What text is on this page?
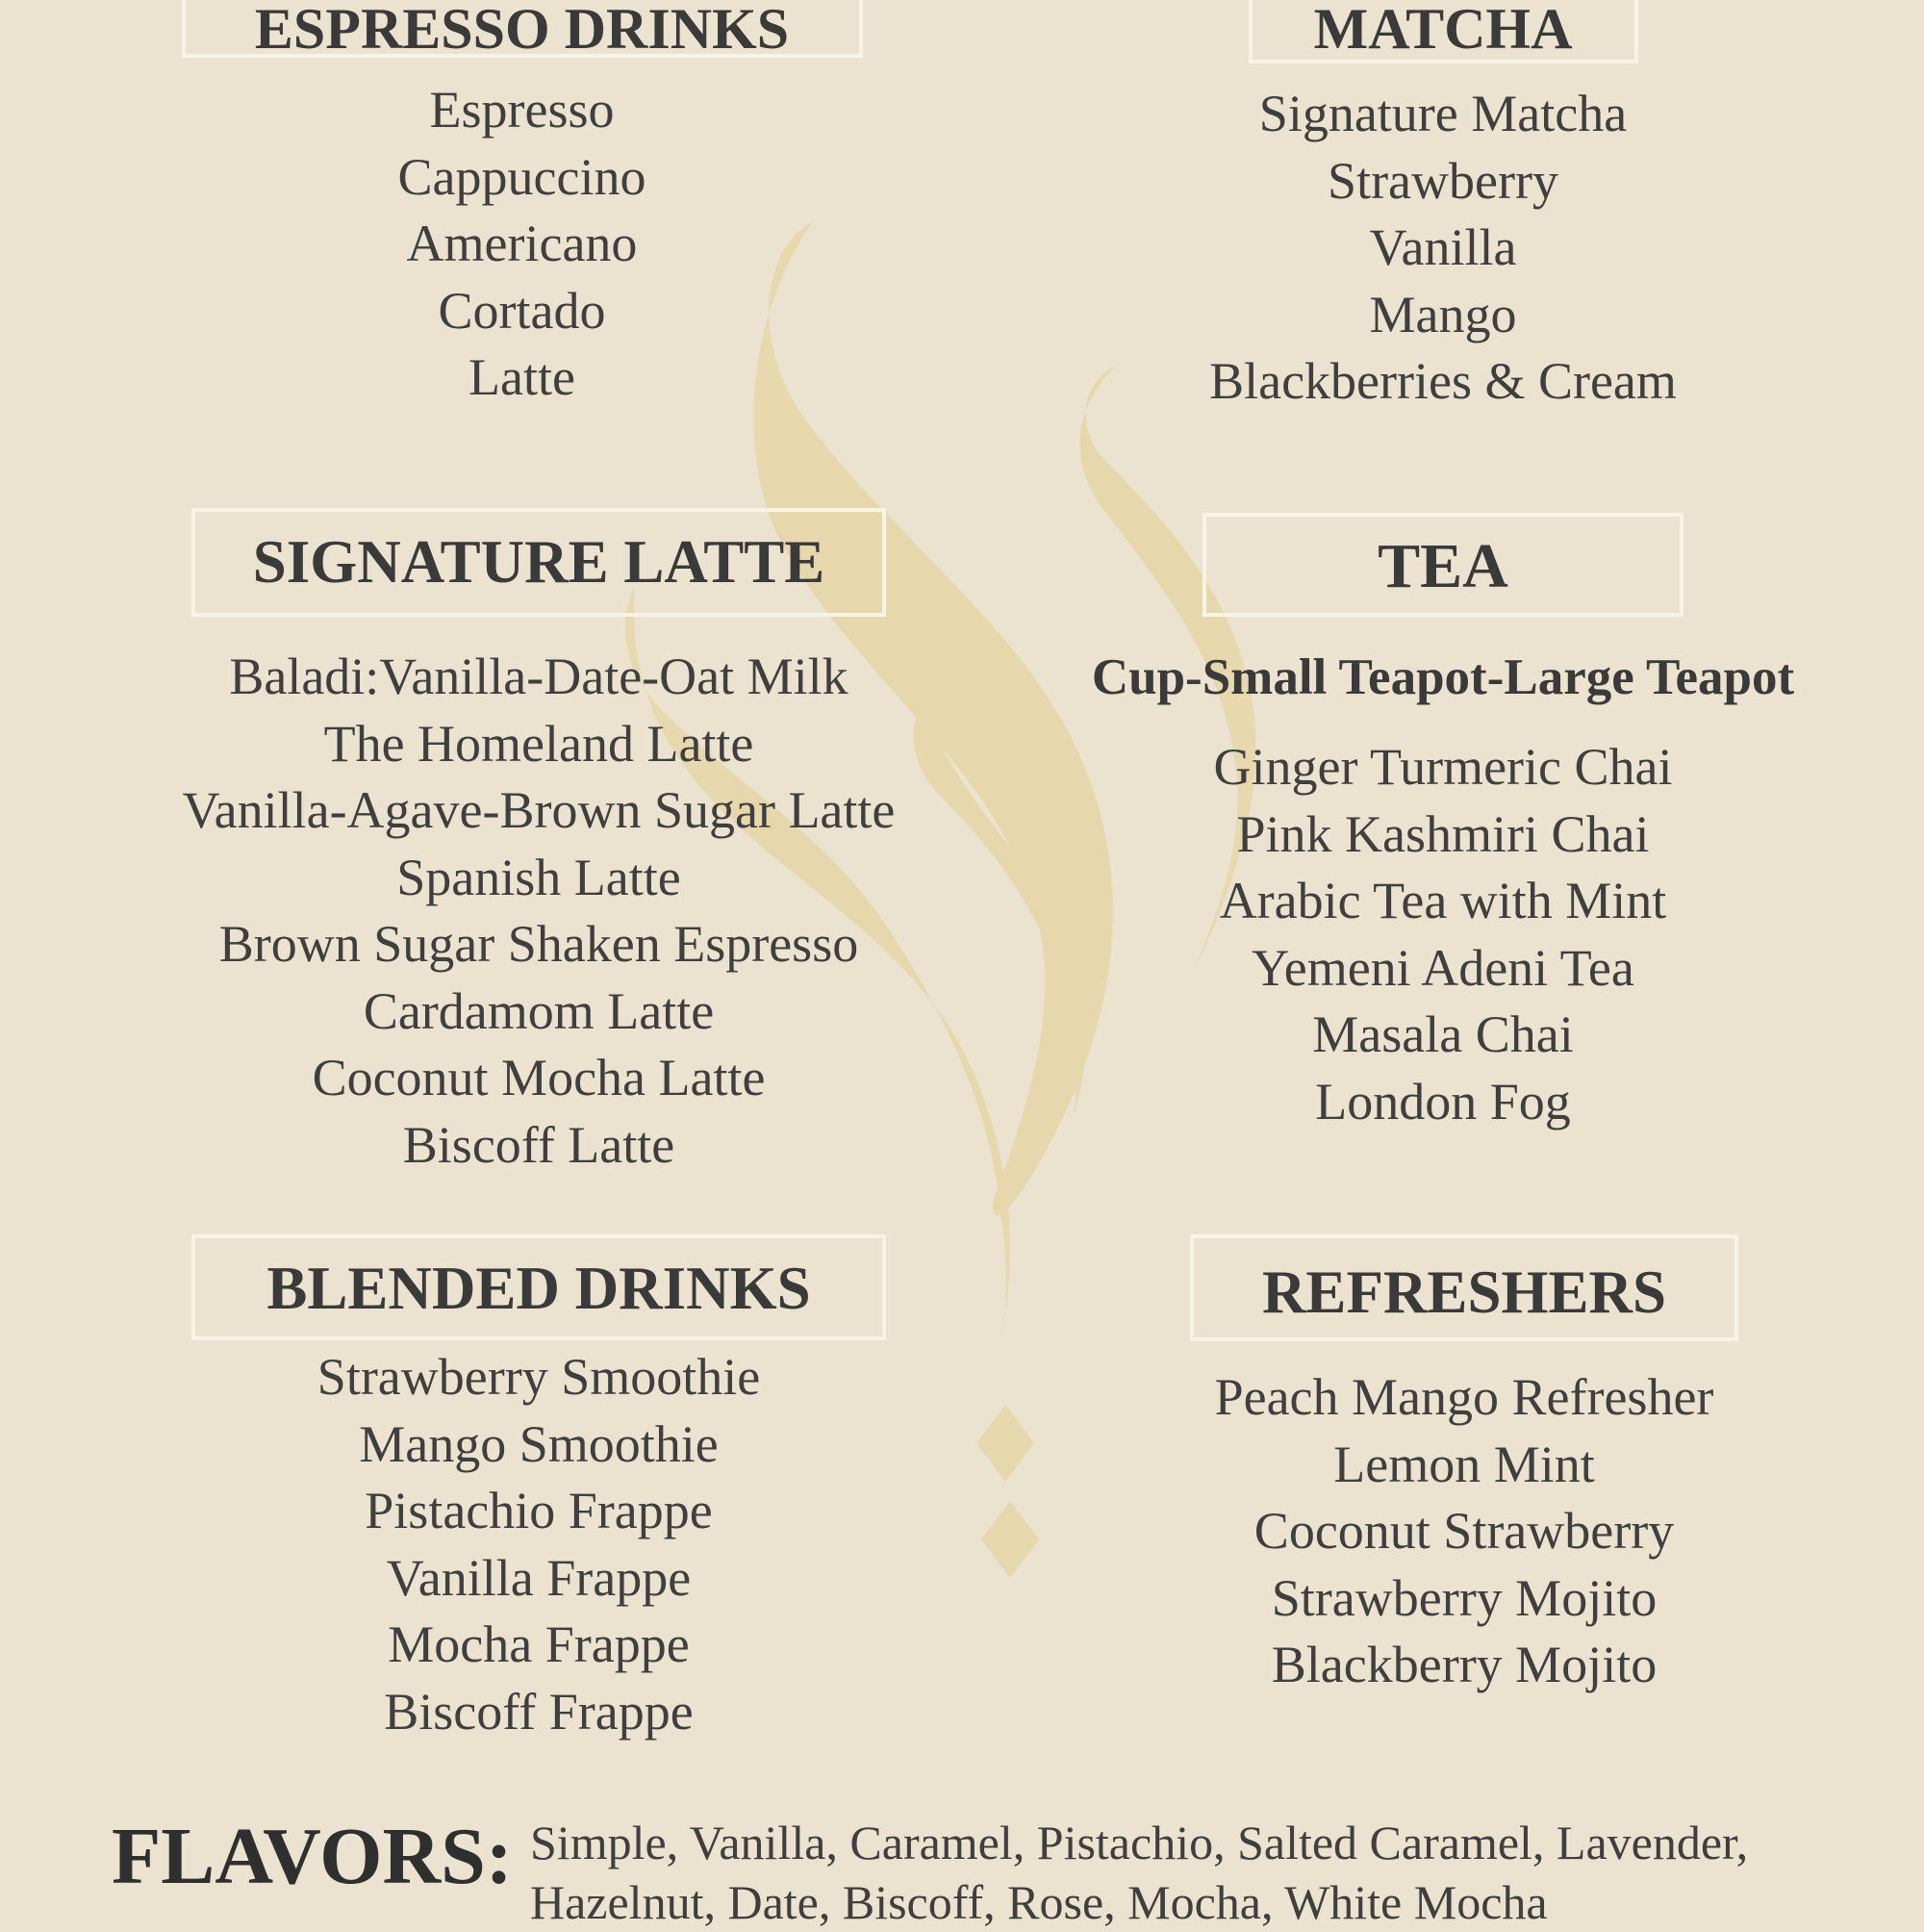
ESPRESSO DRINKS
Espresso
Cappuccino
Americano
Cortado
Latte
MATCHA
Signature Matcha
Strawberry
Vanilla
Mango
Blackberries & Cream
SIGNATURE LATTE
Baladi:Vanilla-Date-Oat Milk
The Homeland Latte
Vanilla-Agave-Brown Sugar Latte
Spanish Latte
Brown Sugar Shaken Espresso
Cardamom Latte
Coconut Mocha Latte
Biscoff Latte
TEA
Cup-Small Teapot-Large Teapot
Ginger Turmeric Chai
Pink Kashmiri Chai
Arabic Tea with Mint
Yemeni Adeni Tea
Masala Chai
London Fog
BLENDED DRINKS
Strawberry Smoothie
Mango Smoothie
Pistachio Frappe
Vanilla Frappe
Mocha Frappe
Biscoff Frappe
REFRESHERS
Peach Mango Refresher
Lemon Mint
Coconut Strawberry
Strawberry Mojito
Blackberry Mojito
FLAVORS: Simple, Vanilla, Caramel, Pistachio, Salted Caramel, Lavender, Hazelnut, Date, Biscoff, Rose, Mocha, White Mocha
